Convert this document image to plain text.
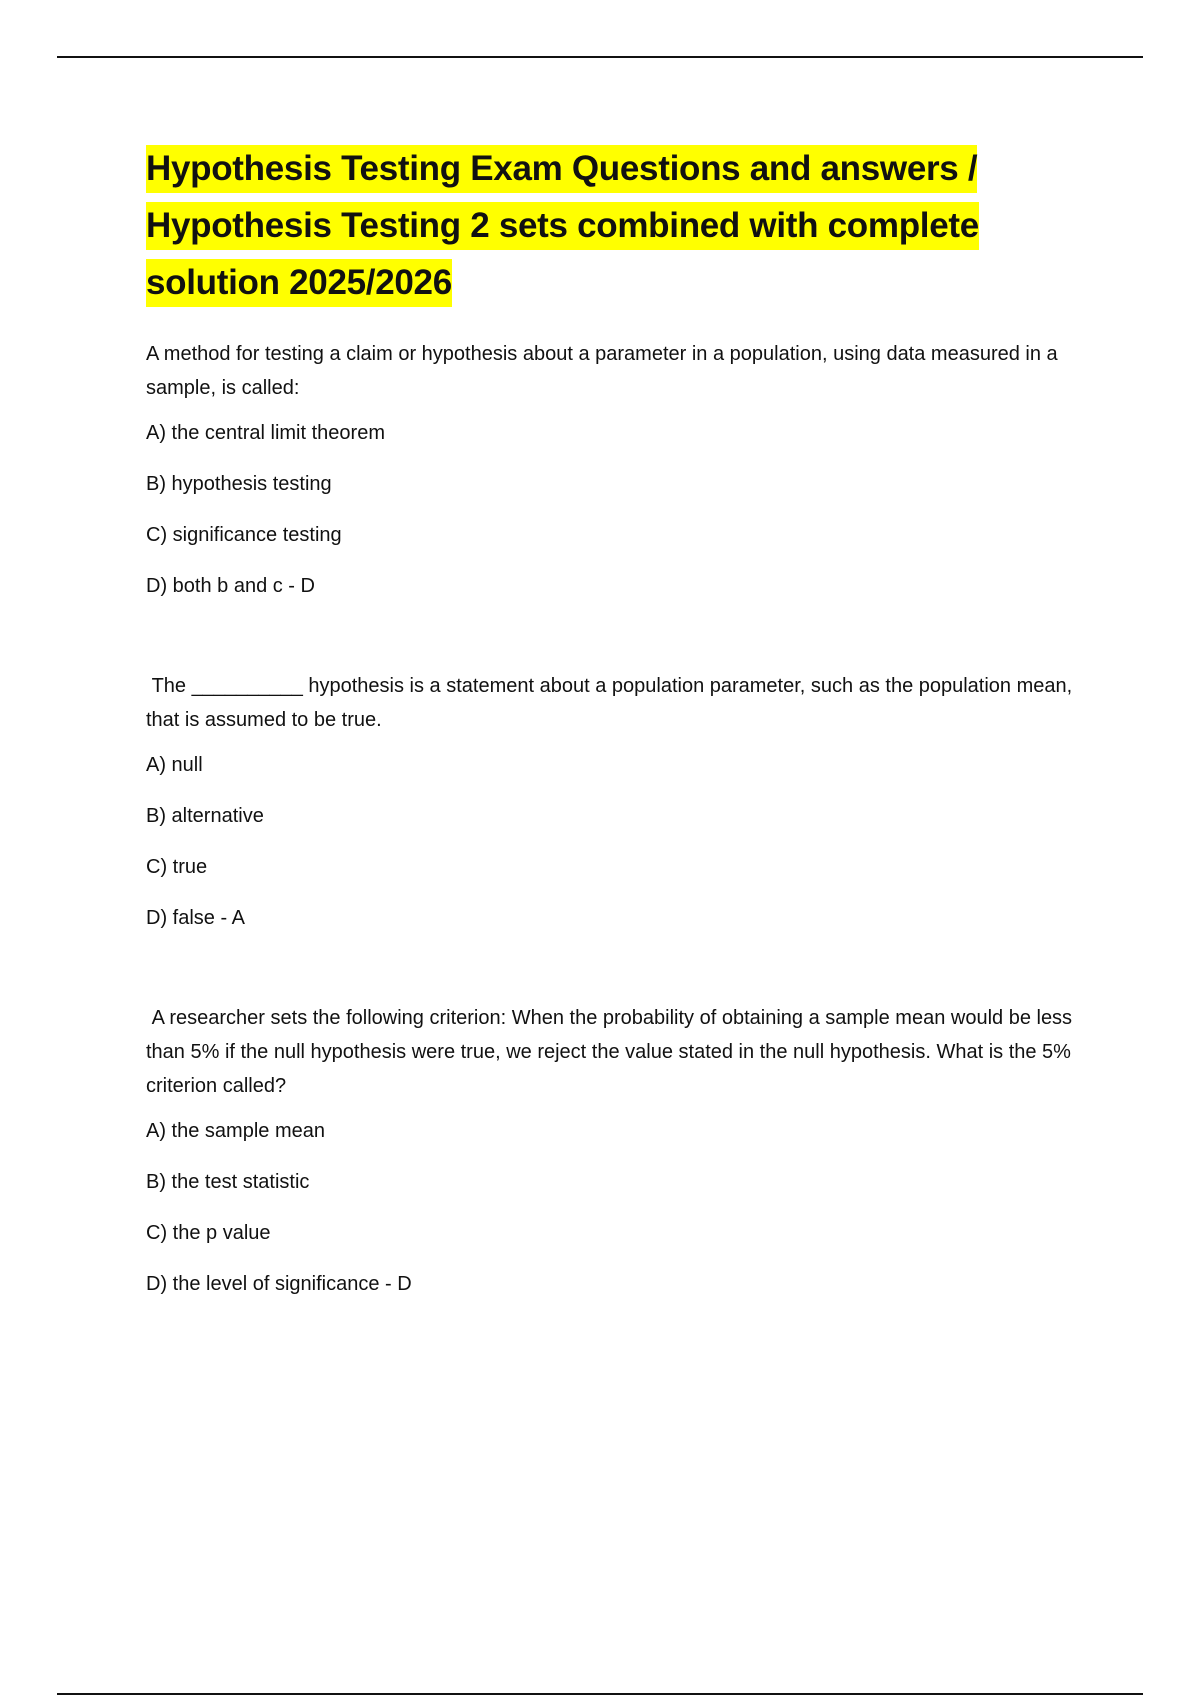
Hypothesis Testing Exam Questions and answers /
Hypothesis Testing 2 sets combined with complete
solution 2025/2026

A method for testing a claim or hypothesis about a parameter in a population, using data measured in a sample, is called:

A) the central limit theorem

B) hypothesis testing

C) significance testing

D) both b and c - D

The __________ hypothesis is a statement about a population parameter, such as the population mean, that is assumed to be true.

A) null

B) alternative

C) true

D) false - A

A researcher sets the following criterion: When the probability of obtaining a sample mean would be less than 5% if the null hypothesis were true, we reject the value stated in the null hypothesis. What is the 5% criterion called?

A) the sample mean

B) the test statistic

C) the p value

D) the level of significance - D
